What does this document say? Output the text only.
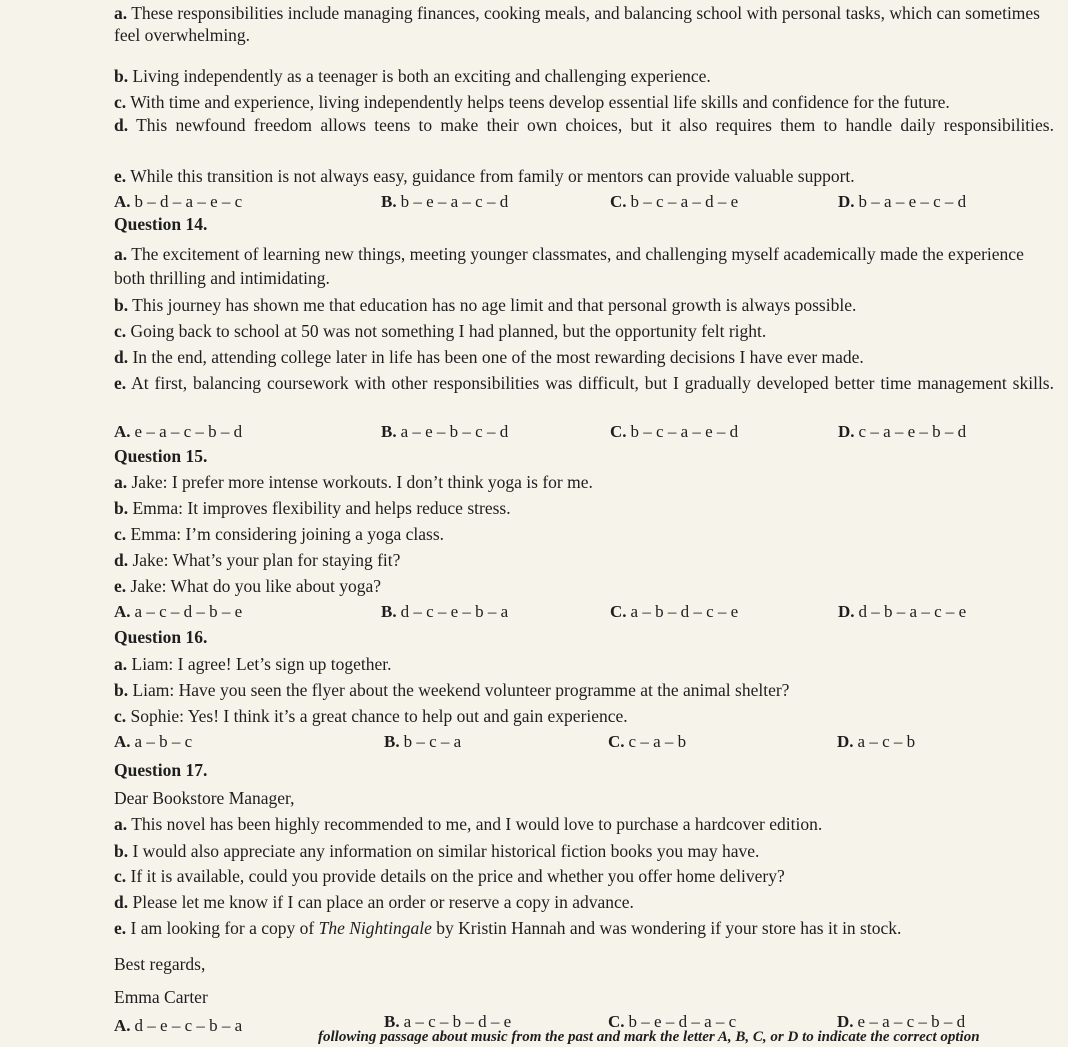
a. These responsibilities include managing finances, cooking meals, and balancing school with personal tasks, which can sometimes feel overwhelming.
b. Living independently as a teenager is both an exciting and challenging experience.
c. With time and experience, living independently helps teens develop essential life skills and confidence for the future.
d. This newfound freedom allows teens to make their own choices, but it also requires them to handle daily responsibilities.
e. While this transition is not always easy, guidance from family or mentors can provide valuable support.
A. b – d – a – e – c	B. b – e – a – c – d	C. b – c – a – d – e	D. b – a – e – c – d
Question 14.
a. The excitement of learning new things, meeting younger classmates, and challenging myself academically made the experience both thrilling and intimidating.
b. This journey has shown me that education has no age limit and that personal growth is always possible.
c. Going back to school at 50 was not something I had planned, but the opportunity felt right.
d. In the end, attending college later in life has been one of the most rewarding decisions I have ever made.
e. At first, balancing coursework with other responsibilities was difficult, but I gradually developed better time management skills.
A. e – a – c – b – d	B. a – e – b – c – d	C. b – c – a – e – d	D. c – a – e – b – d
Question 15.
a. Jake: I prefer more intense workouts. I don’t think yoga is for me.
b. Emma: It improves flexibility and helps reduce stress.
c. Emma: I’m considering joining a yoga class.
d. Jake: What’s your plan for staying fit?
e. Jake: What do you like about yoga?
A. a – c – d – b – e	B. d – c – e – b – a	C. a – b – d – c – e	D. d – b – a – c – e
Question 16.
a. Liam: I agree! Let’s sign up together.
b. Liam: Have you seen the flyer about the weekend volunteer programme at the animal shelter?
c. Sophie: Yes! I think it’s a great chance to help out and gain experience.
A. a – b – c	B. b – c – a	C. c – a – b	D. a – c – b
Question 17.
Dear Bookstore Manager,
a. This novel has been highly recommended to me, and I would love to purchase a hardcover edition.
b. I would also appreciate any information on similar historical fiction books you may have.
c. If it is available, could you provide details on the price and whether you offer home delivery?
d. Please let me know if I can place an order or reserve a copy in advance.
e. I am looking for a copy of The Nightingale by Kristin Hannah and was wondering if your store has it in stock.
Best regards,
Emma Carter
A. d – e – c – b – a	B. a – c – b – d – e	C. b – e – d – a – c	D. e – a – c – b – d
following passage about music from the past and mark the letter A, B, C, or D to indicate the correct option
